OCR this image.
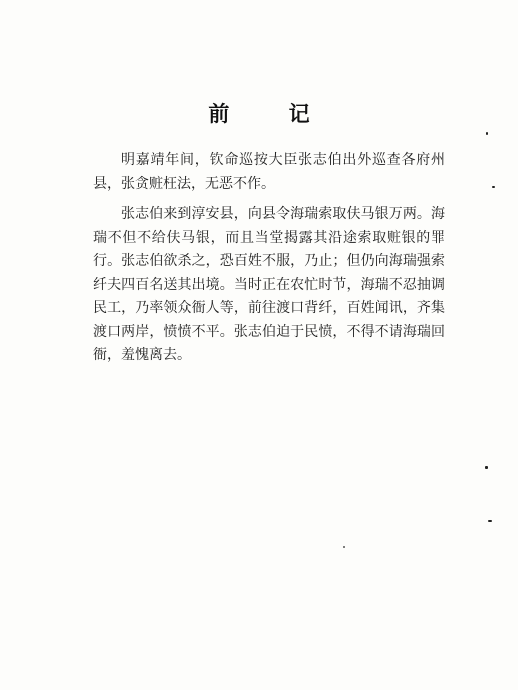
前 记

明嘉靖年间，钦命巡按大臣张志伯出外巡查各府州县，张贪赃枉法，无恶不作。

张志伯来到淳安县，向县令海瑞索取伕马银万两。海瑞不但不给伕马银，而且当堂揭露其沿途索取赃银的罪行。张志伯欲杀之，恐百姓不服，乃止；但仍向海瑞强索纤夫四百名送其出境。当时正在农忙时节，海瑞不忍抽调民工，乃率领众衙人等，前往渡口背纤，百姓闻讯，齐集渡口两岸，愤愤不平。张志伯迫于民愤，不得不请海瑞回衙，羞愧离去。
